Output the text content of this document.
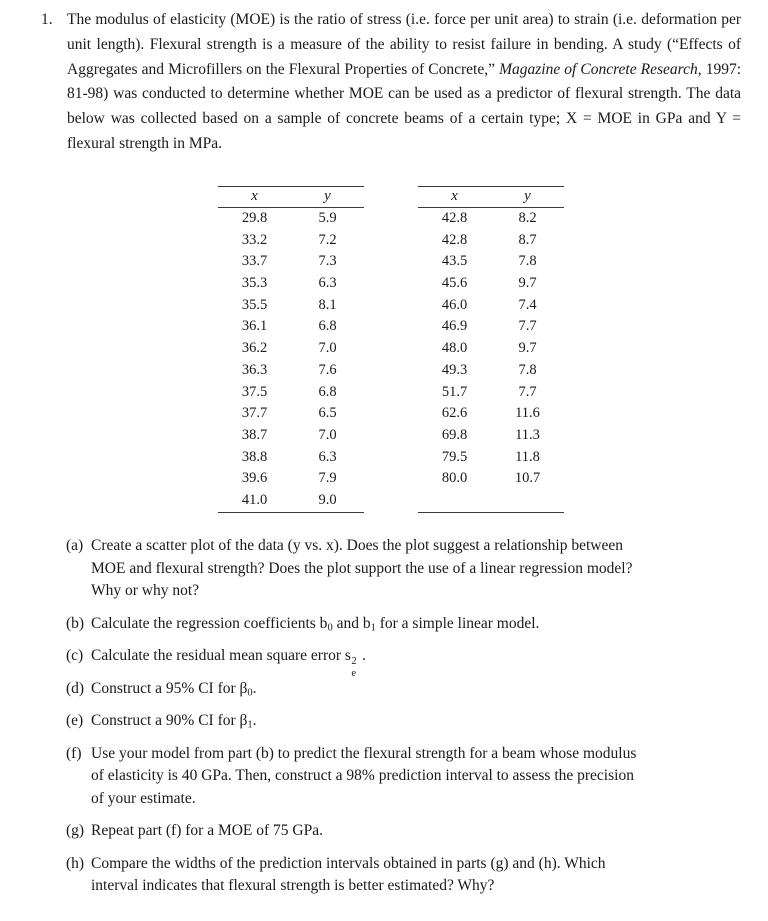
1. The modulus of elasticity (MOE) is the ratio of stress (i.e. force per unit area) to strain (i.e. deformation per unit length). Flexural strength is a measure of the ability to resist failure in bending. A study (“Effects of Aggregates and Microfillers on the Flexural Properties of Concrete,” Magazine of Concrete Research, 1997: 81-98) was conducted to determine whether MOE can be used as a predictor of flexural strength. The data below was collected based on a sample of concrete beams of a certain type; X = MOE in GPa and Y = flexural strength in MPa.

x	y
29.8	5.9
33.2	7.2
33.7	7.3
35.3	6.3
35.5	8.1
36.1	6.8
36.2	7.0
36.3	7.6
37.5	6.8
37.7	6.5
38.7	7.0
38.8	6.3
39.6	7.9
41.0	9.0

x	y
42.8	8.2
42.8	8.7
43.5	7.8
45.6	9.7
46.0	7.4
46.9	7.7
48.0	9.7
49.3	7.8
51.7	7.7
62.6	11.6
69.8	11.3
79.5	11.8
80.0	10.7

(a) Create a scatter plot of the data (y vs. x). Does the plot suggest a relationship between
MOE and flexural strength? Does the plot support the use of a linear regression model?
Why or why not?
(b) Calculate the regression coefficients $b_0$ and $b_1$ for a simple linear model.
(c) Calculate the residual mean square error s 2
e
.
(d) Construct a 95% CI for $\beta_0$.
(e) Construct a 90% CI for $\beta_1$.
(f) Use your model from part (b) to predict the flexural strength for a beam whose modulus
of elasticity is 40 GPa. Then, construct a 98% prediction interval to assess the precision
of your estimate.
(g) Repeat part (f) for a MOE of 75 GPa.
(h) Compare the widths of the prediction intervals obtained in parts (g) and (h). Which
interval indicates that flexural strength is better estimated? Why?
